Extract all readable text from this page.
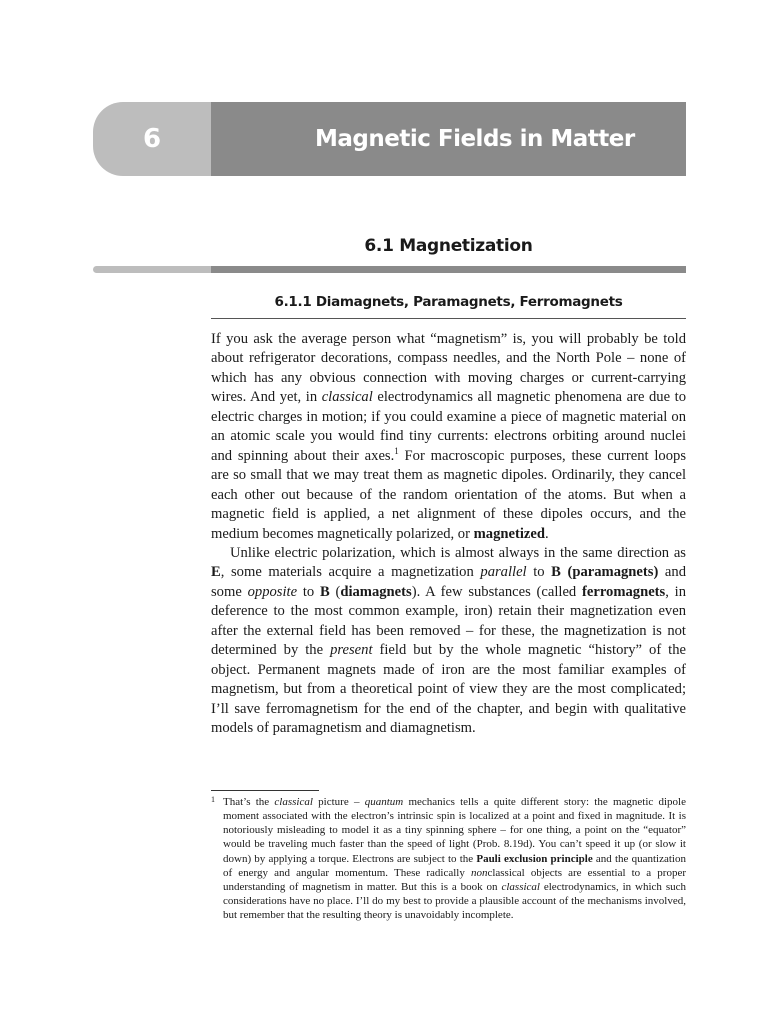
6	Magnetic Fields in Matter
6.1 Magnetization
6.1.1 Diamagnets, Paramagnets, Ferromagnets

If you ask the average person what “magnetism” is, you will probably be told about refrigerator decorations, compass needles, and the North Pole – none of which has any obvious connection with moving charges or current-carrying wires. And yet, in classical electrodynamics all magnetic phenomena are due to electric charges in motion; if you could examine a piece of magnetic material on an atomic scale you would find tiny currents: electrons orbiting around nuclei and spinning about their axes.$^1$ For macroscopic purposes, these current loops are so small that we may treat them as magnetic dipoles. Ordinarily, they cancel each other out because of the random orientation of the atoms. But when a magnetic field is applied, a net alignment of these dipoles occurs, and the medium becomes magnetically polarized, or magnetized.

Unlike electric polarization, which is almost always in the same direction as E, some materials acquire a magnetization parallel to B (paramagnets) and some opposite to B (diamagnets). A few substances (called ferromagnets, in deference to the most common example, iron) retain their magnetization even after the external field has been removed – for these, the magnetization is not determined by the present field but by the whole magnetic “history” of the object. Permanent magnets made of iron are the most familiar examples of magnetism, but from a theoretical point of view they are the most complicated; I’ll save ferromagnetism for the end of the chapter, and begin with qualitative models of paramagnetism and diamagnetism.

1 That’s the classical picture – quantum mechanics tells a quite different story: the magnetic dipole moment associated with the electron’s intrinsic spin is localized at a point and fixed in magnitude. It is notoriously misleading to model it as a tiny spinning sphere – for one thing, a point on the “equator” would be traveling much faster than the speed of light (Prob. 8.19d). You can’t speed it up (or slow it down) by applying a torque. Electrons are subject to the Pauli exclusion principle and the quantization of energy and angular momentum. These radically nonclassical objects are essential to a proper understanding of magnetism in matter. But this is a book on classical electrodynamics, in which such considerations have no place. I’ll do my best to provide a plausible account of the mechanisms involved, but remember that the resulting theory is unavoidably incomplete.
